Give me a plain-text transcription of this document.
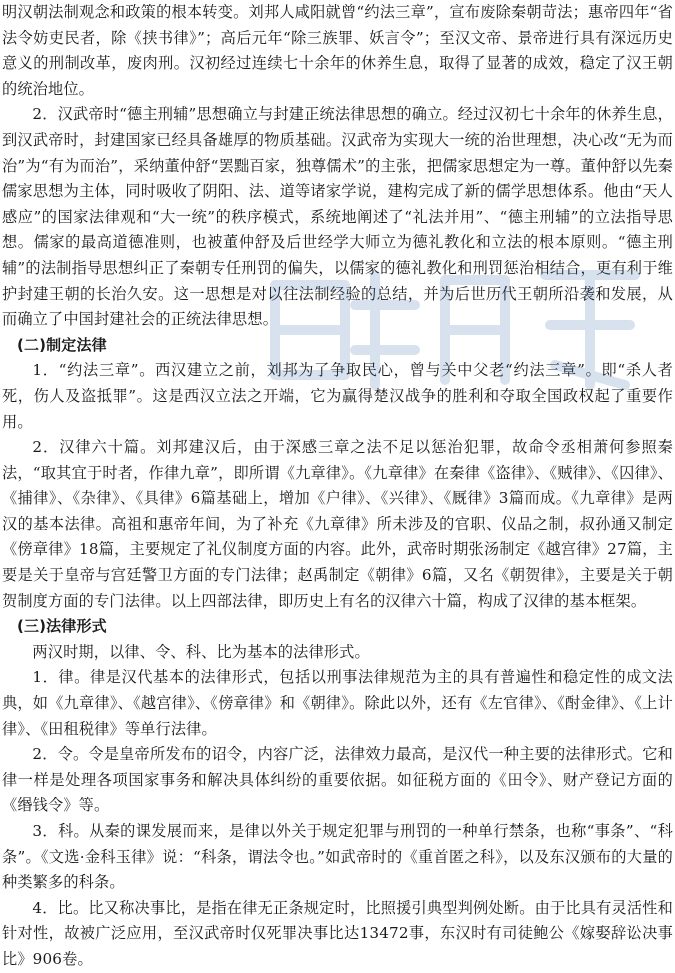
明汉朝法制观念和政策的根本转变。刘邦人咸阳就曾“约法三章”，宣布废除秦朝苛法；惠帝四年“省法令妨吏民者，除《挟书律》”；高后元年“除三族罪、妖言令”；至汉文帝、景帝进行具有深远历史意义的刑制改革，废肉刑。汉初经过连续七十余年的休养生息，取得了显著的成效，稳定了汉王朝的统治地位。

2．汉武帝时“德主刑辅”思想确立与封建正统法律思想的确立。经过汉初七十余年的休养生息，到汉武帝时，封建国家已经具备雄厚的物质基础。汉武帝为实现大一统的治世理想，决心改“无为而治”为“有为而治”，采纳董仲舒“罢黜百家，独尊儒术”的主张，把儒家思想定为一尊。董仲舒以先秦儒家思想为主体，同时吸收了阴阳、法、道等诸家学说，建构完成了新的儒学思想体系。他由“天人感应”的国家法律观和“大一统”的秩序模式，系统地阐述了“礼法并用”、“德主刑辅”的立法指导思想。儒家的最高道德准则，也被董仲舒及后世经学大师立为德礼教化和立法的根本原则。“德主刑辅”的法制指导思想纠正了秦朝专任刑罚的偏失，以儒家的德礼教化和刑罚惩治相结合，更有利于维护封建王朝的长治久安。这一思想是对以往法制经验的总结，并为后世历代王朝所沿袭和发展，从而确立了中国封建社会的正统法律思想。

(二)制定法律

1．“约法三章”。西汉建立之前，刘邦为了争取民心，曾与关中父老“约法三章”。即“杀人者死，伤人及盗抵罪”。这是西汉立法之开端，它为赢得楚汉战争的胜利和夺取全国政权起了重要作用。

2．汉律六十篇。刘邦建汉后，由于深感三章之法不足以惩治犯罪，故命令丞相萧何参照秦法，“取其宜于时者，作律九章”，即所谓《九章律》。《九章律》在秦律《盗律》、《贼律》、《囚律》、《捕律》、《杂律》、《具律》6篇基础上，增加《户律》、《兴律》、《厩律》3篇而成。《九章律》是两汉的基本法律。高祖和惠帝年间，为了补充《九章律》所未涉及的官职、仪品之制，叔孙通又制定《傍章律》18篇，主要规定了礼仪制度方面的内容。此外，武帝时期张汤制定《越宫律》27篇，主要是关于皇帝与宫廷警卫方面的专门法律；赵禹制定《朝律》6篇，又名《朝贺律》，主要是关于朝贺制度方面的专门法律。以上四部法律，即历史上有名的汉律六十篇，构成了汉律的基本框架。

(三)法律形式

两汉时期，以律、令、科、比为基本的法律形式。

1．律。律是汉代基本的法律形式，包括以刑事法律规范为主的具有普遍性和稳定性的成文法典，如《九章律》、《越宫律》、《傍章律》和《朝律》。除此以外，还有《左官律》、《酎金律》、《上计律》、《田租税律》等单行法律。

2．令。令是皇帝所发布的诏令，内容广泛，法律效力最高，是汉代一种主要的法律形式。它和律一样是处理各项国家事务和解决具体纠纷的重要依据。如征税方面的《田令》、财产登记方面的《缗钱令》等。

3．科。从秦的课发展而来，是律以外关于规定犯罪与刑罚的一种单行禁条，也称“事条”、“科条”。《文选·金科玉律》说：“科条，谓法令也。”如武帝时的《重首匿之科》，以及东汉颁布的大量的种类繁多的科条。

4．比。比又称决事比，是指在律无正条规定时，比照援引典型判例处断。由于比具有灵活性和针对性，故被广泛应用，至汉武帝时仅死罪决事比达13472事，东汉时有司徒鲍公《嫁娶辞讼决事比》906卷。
